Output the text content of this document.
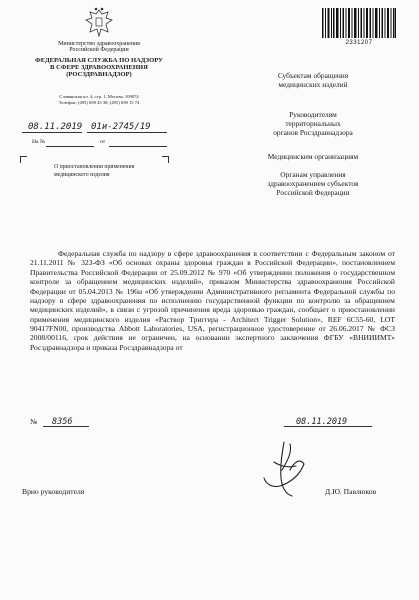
Министерство здравоохранения
Российской Федерации
ФЕДЕРАЛЬНАЯ СЛУЖБА ПО НАДЗОРУ
В СФЕРЕ ЗДРАВООХРАНЕНИЯ
(РОСЗДРАВНАДЗОР)
Славянская пл. 4, стр. 1, Москва, 109074
Телефон: (495) 698 45 38; (495) 698 15 74
08.11.2019 01и-2745/19
На №	от
О приостановлении применения медицинского изделия
2331207
Субъектам обращения
медицинских изделий
Руководителям
территориальных
органов Росздравнадзора
Медицинским организациям
Органам управления
здравоохранением субъектов
Российской Федерации

Федеральная служба по надзору в сфере здравоохранения в соответствии с Федеральным законом от 21.11.2011 № 323-ФЗ «Об основах охраны здоровья граждан в Российской Федерации», постановлением Правительства Российской Федерации от 25.09.2012 № 970 «Об утверждении положения о государственном контроле за обращением медицинских изделий», приказом Министерства здравоохранения Российской Федерации от 05.04.2013 № 196н «Об утверждении Административного регламента Федеральной службы по надзору в сфере здравоохранения по исполнению государственной функции по контролю за обращением медицинских изделий», в связи с угрозой причинения вреда здоровью граждан, сообщает о приостановлении применения медицинского изделия «Раствор Триггера - Architect Trigger Solution», REF 6C55-60, LOT 90417FN00, производства Abbott Laboratories, USA, регистрационное удостоверение от 26.06.2017 № ФСЗ 2008/00116, срок действия не ограничен, на основании экспертного заключения ФГБУ «ВНИИИМТ» Росздравнадзора и приказа Росздравнадзора от

08.11.2019
№ 8356
Врио руководителя	Д.Ю. Павлюков
